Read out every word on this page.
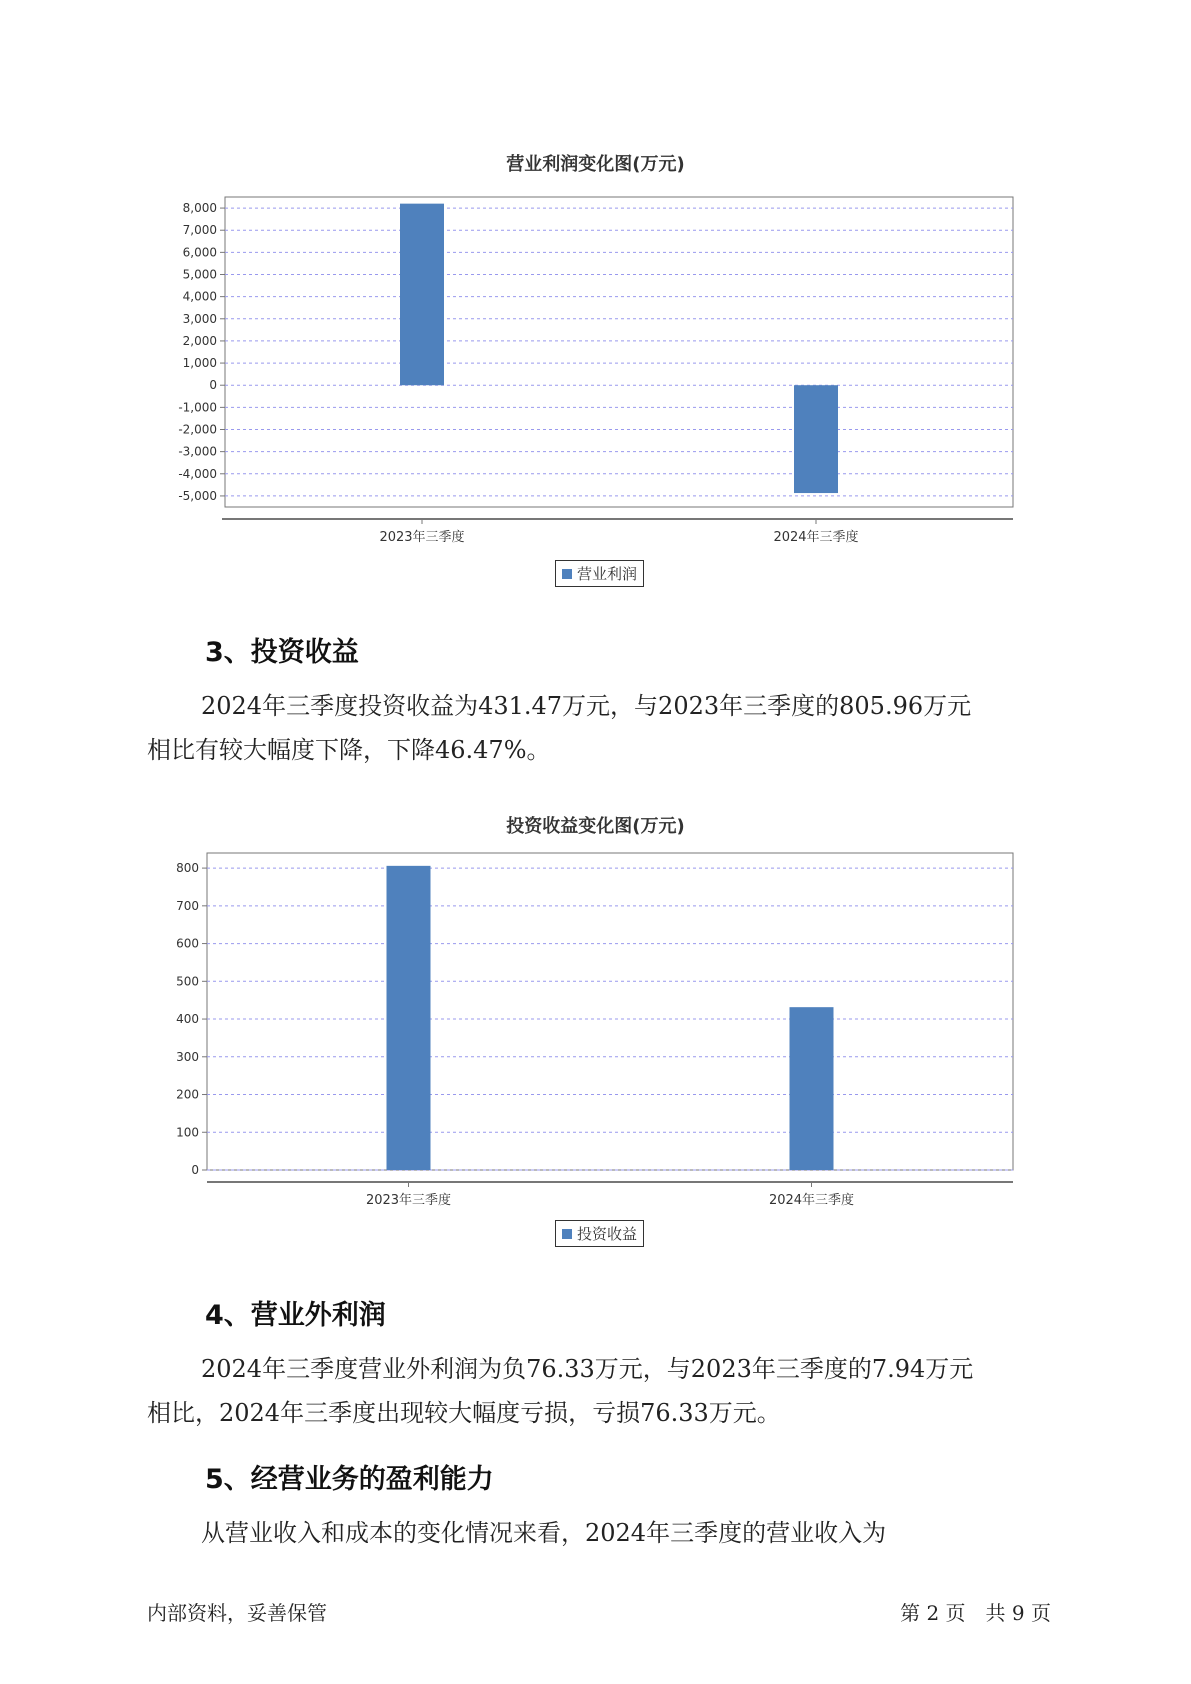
营业利润变化图(万元)
8,000
7,000
6,000
5,000
4,000
3,000
2,000
1,000
0
-1,000
-2,000
-3,000
-4,000
-5,000
2023年三季度	2024年三季度
营业利润
3、投资收益
2024年三季度投资收益为431.47万元，与2023年三季度的805.96万元
相比有较大幅度下降，下降46.47%。
投资收益变化图(万元)
800
700
600
500
400
300
200
100
0
2023年三季度	2024年三季度
投资收益
4、营业外利润
2024年三季度营业外利润为负76.33万元，与2023年三季度的7.94万元
相比，2024年三季度出现较大幅度亏损，亏损76.33万元。
5、经营业务的盈利能力
从营业收入和成本的变化情况来看，2024年三季度的营业收入为
内部资料，妥善保管	第 2 页　共 9 页
